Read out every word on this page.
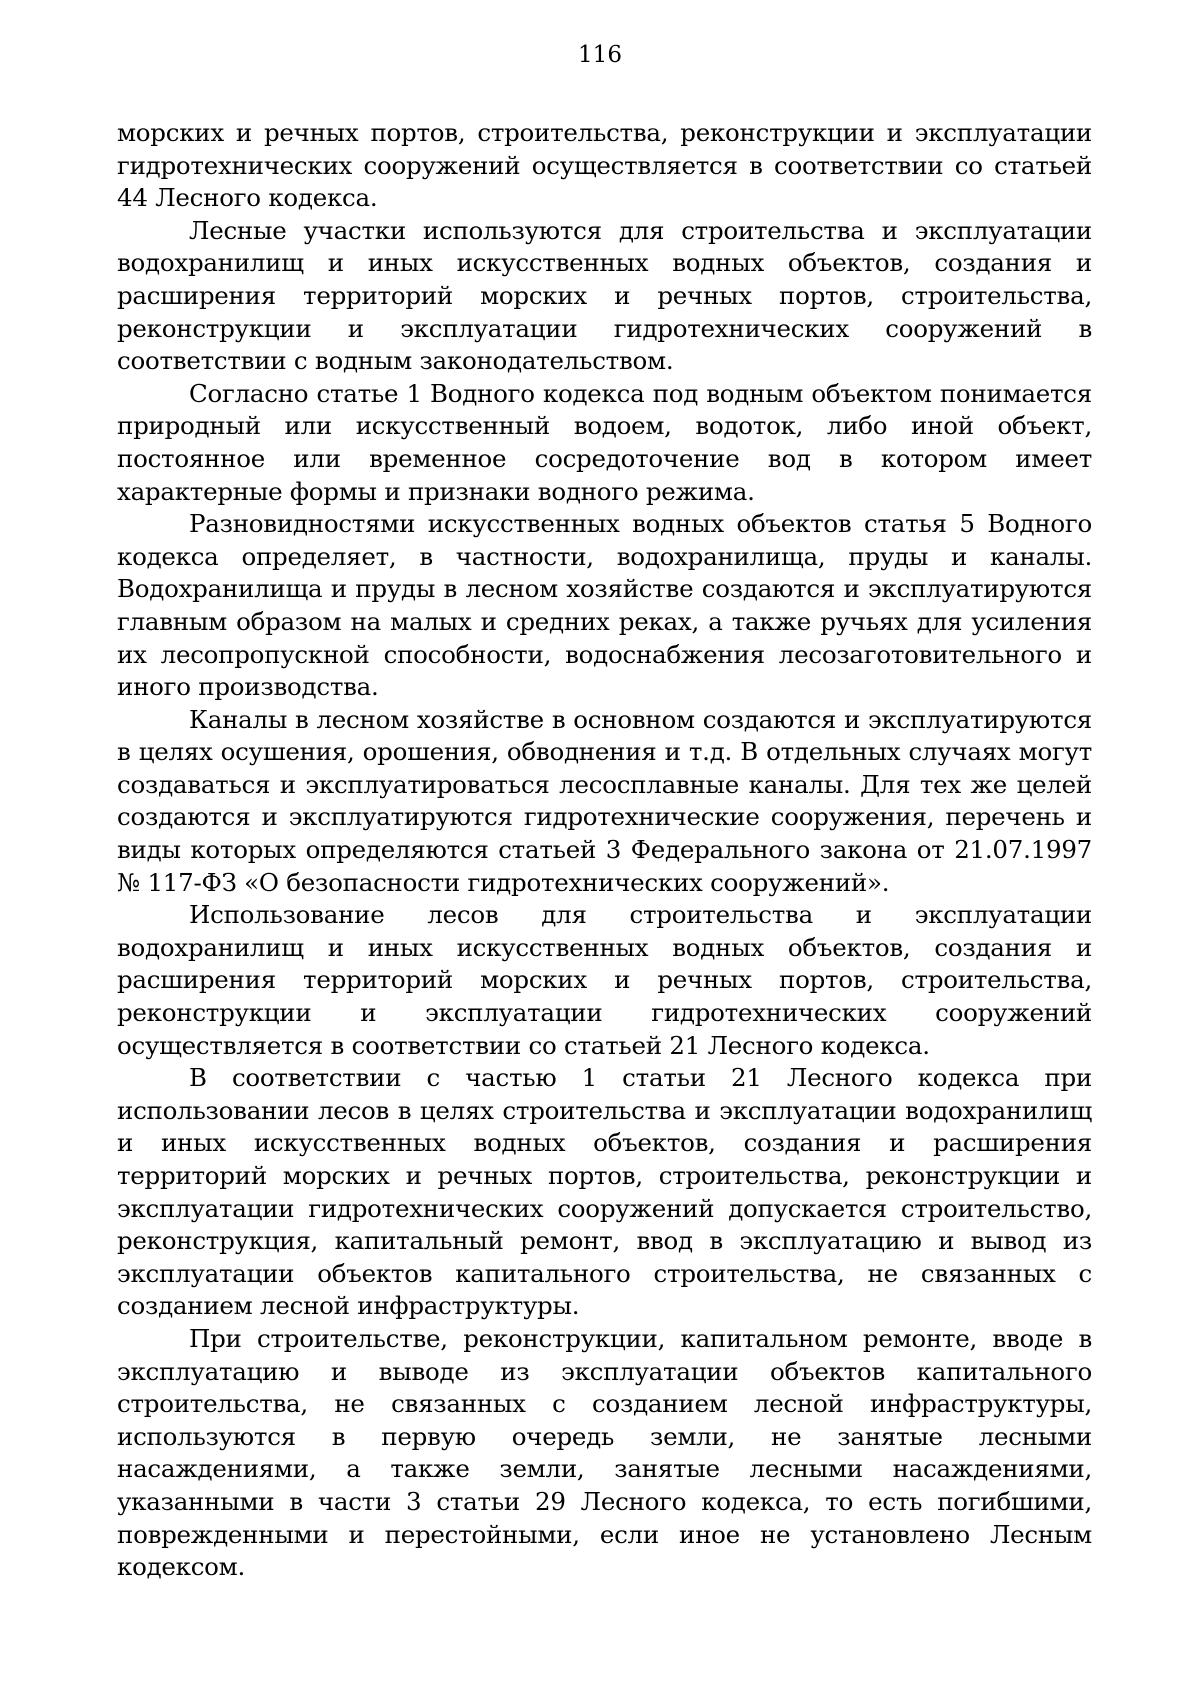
116

морских и речных портов, строительства, реконструкции и эксплуатации гидротехнических сооружений осуществляется в соответствии со статьей 44 Лесного кодекса.

Лесные участки используются для строительства и эксплуатации водохранилищ и иных искусственных водных объектов, создания и расширения территорий морских и речных портов, строительства, реконструкции и эксплуатации гидротехнических сооружений в соответствии с водным законодательством.

Согласно статье 1 Водного кодекса под водным объектом понимается природный или искусственный водоем, водоток, либо иной объект, постоянное или временное сосредоточение вод в котором имеет характерные формы и признаки водного режима.

Разновидностями искусственных водных объектов статья 5 Водного кодекса определяет, в частности, водохранилища, пруды и каналы. Водохранилища и пруды в лесном хозяйстве создаются и эксплуатируются главным образом на малых и средних реках, а также ручьях для усиления их лесопропускной способности, водоснабжения лесозаготовительного и иного производства.

Каналы в лесном хозяйстве в основном создаются и эксплуатируются в целях осушения, орошения, обводнения и т.д. В отдельных случаях могут создаваться и эксплуатироваться лесосплавные каналы. Для тех же целей создаются и эксплуатируются гидротехнические сооружения, перечень и виды которых определяются статьей 3 Федерального закона от 21.07.1997 № 117-ФЗ «О безопасности гидротехнических сооружений».

Использование лесов для строительства и эксплуатации водохранилищ и иных искусственных водных объектов, создания и расширения территорий морских и речных портов, строительства, реконструкции и эксплуатации гидротехнических сооружений осуществляется в соответствии со статьей 21 Лесного кодекса.

В соответствии с частью 1 статьи 21 Лесного кодекса при использовании лесов в целях строительства и эксплуатации водохранилищ и иных искусственных водных объектов, создания и расширения территорий морских и речных портов, строительства, реконструкции и эксплуатации гидротехнических сооружений допускается строительство, реконструкция, капитальный ремонт, ввод в эксплуатацию и вывод из эксплуатации объектов капитального строительства, не связанных с созданием лесной инфраструктуры.

При строительстве, реконструкции, капитальном ремонте, вводе в эксплуатацию и выводе из эксплуатации объектов капитального строительства, не связанных с созданием лесной инфраструктуры, используются в первую очередь земли, не занятые лесными насаждениями, а также земли, занятые лесными насаждениями, указанными в части 3 статьи 29 Лесного кодекса, то есть погибшими, поврежденными и перестойными, если иное не установлено Лесным кодексом.
